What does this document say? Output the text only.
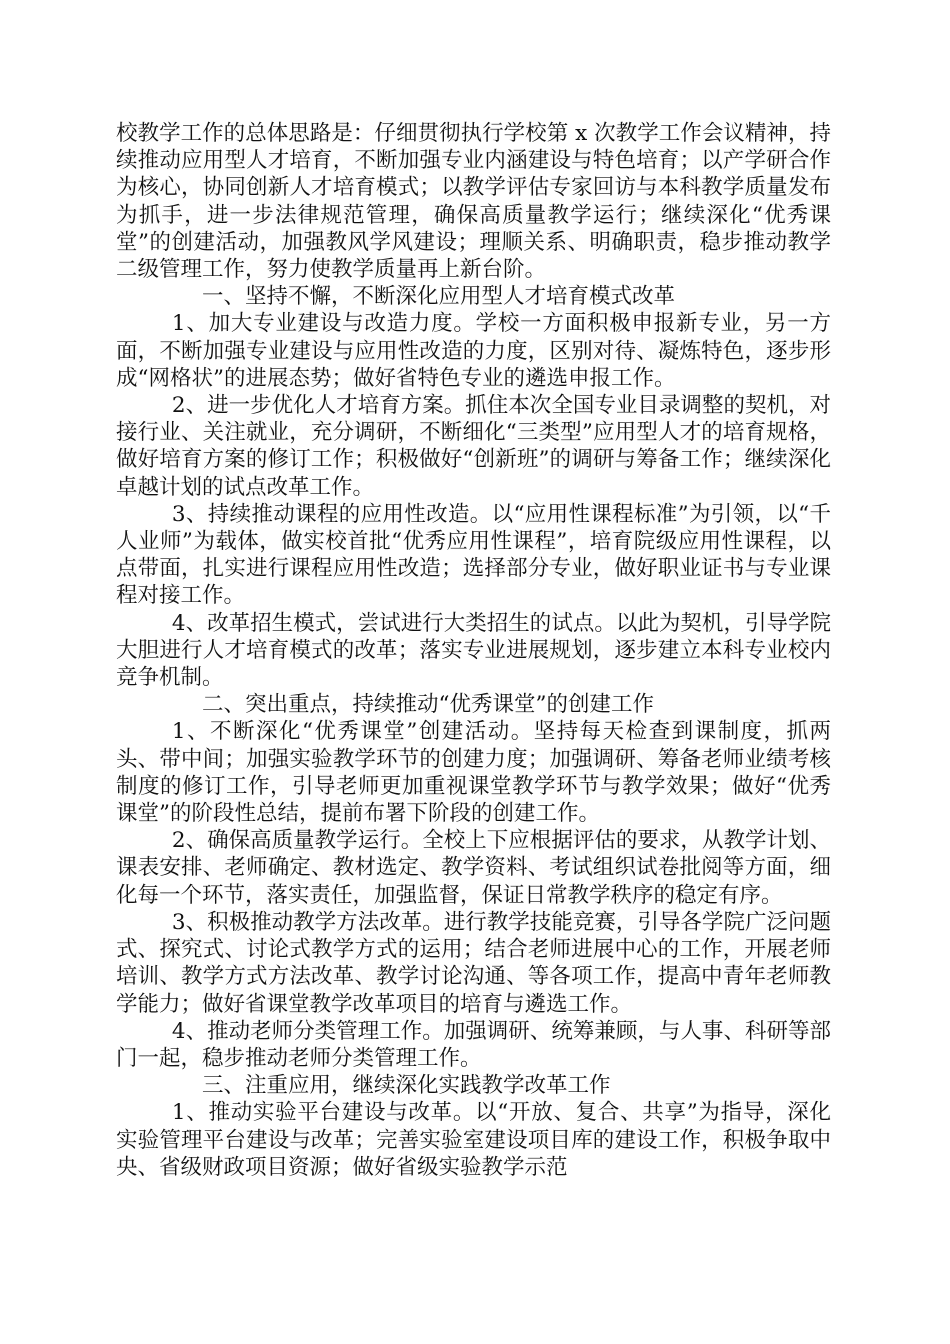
校教学工作的总体思路是：仔细贯彻执行学校第 x 次教学工作会议精神，持续推动应用型人才培育，不断加强专业内涵建设与特色培育；以产学研合作为核心，协同创新人才培育模式；以教学评估专家回访与本科教学质量发布为抓手，进一步法律规范管理，确保高质量教学运行；继续深化“优秀课堂”的创建活动，加强教风学风建设；理顺关系、明确职责，稳步推动教学二级管理工作，努力使教学质量再上新台阶。

一、坚持不懈，不断深化应用型人才培育模式改革

1、加大专业建设与改造力度。学校一方面积极申报新专业，另一方面，不断加强专业建设与应用性改造的力度，区别对待、凝炼特色，逐步形成“网格状”的进展态势；做好省特色专业的遴选申报工作。

2、进一步优化人才培育方案。抓住本次全国专业目录调整的契机，对接行业、关注就业，充分调研，不断细化“三类型”应用型人才的培育规格，做好培育方案的修订工作；积极做好“创新班”的调研与筹备工作；继续深化卓越计划的试点改革工作。

3、持续推动课程的应用性改造。以“应用性课程标准”为引领，以“千人业师”为载体，做实校首批“优秀应用性课程”，培育院级应用性课程，以点带面，扎实进行课程应用性改造；选择部分专业，做好职业证书与专业课程对接工作。

4、改革招生模式，尝试进行大类招生的试点。以此为契机，引导学院大胆进行人才培育模式的改革；落实专业进展规划，逐步建立本科专业校内竞争机制。

二、突出重点，持续推动“优秀课堂”的创建工作

1、不断深化“优秀课堂”创建活动。坚持每天检查到课制度，抓两头、带中间；加强实验教学环节的创建力度；加强调研、筹备老师业绩考核制度的修订工作，引导老师更加重视课堂教学环节与教学效果；做好“优秀课堂”的阶段性总结，提前布署下阶段的创建工作。

2、确保高质量教学运行。全校上下应根据评估的要求，从教学计划、课表安排、老师确定、教材选定、教学资料、考试组织试卷批阅等方面，细化每一个环节，落实责任，加强监督，保证日常教学秩序的稳定有序。

3、积极推动教学方法改革。进行教学技能竞赛，引导各学院广泛问题式、探究式、讨论式教学方式的运用；结合老师进展中心的工作，开展老师培训、教学方式方法改革、教学讨论沟通、等各项工作，提高中青年老师教学能力；做好省课堂教学改革项目的培育与遴选工作。

4、推动老师分类管理工作。加强调研、统筹兼顾，与人事、科研等部门一起，稳步推动老师分类管理工作。

三、注重应用，继续深化实践教学改革工作

1、推动实验平台建设与改革。以“开放、复合、共享”为指导，深化实验管理平台建设与改革；完善实验室建设项目库的建设工作，积极争取中央、省级财政项目资源；做好省级实验教学示范
